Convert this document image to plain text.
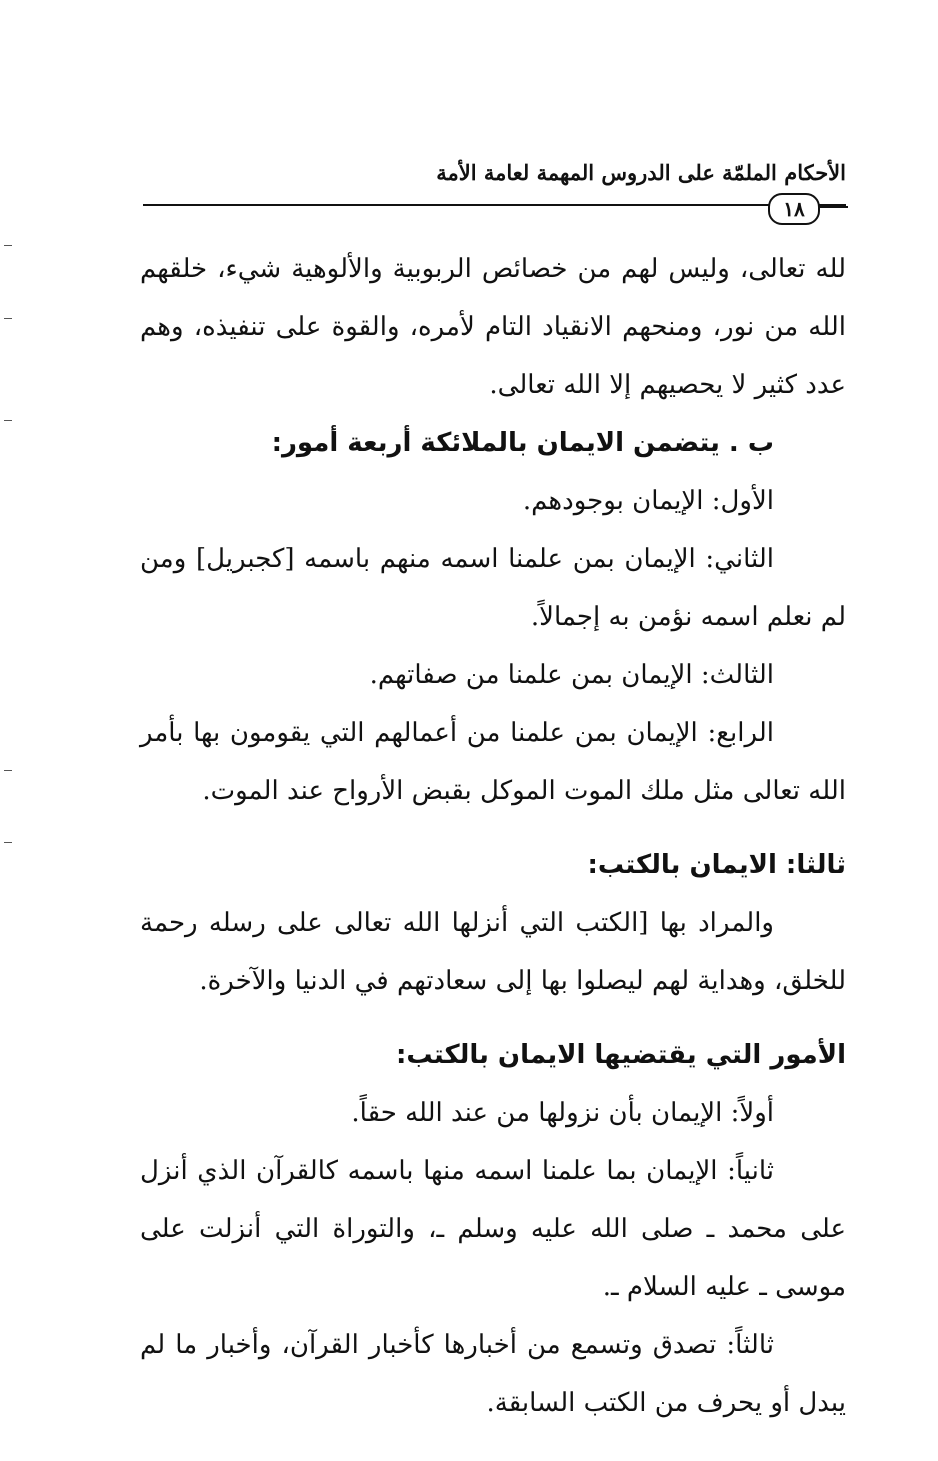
الأحكام الملمّة على الدروس المهمة لعامة الأمة
١٨

لله تعالى، وليس لهم من خصائص الربوبية والألوهية شيء، خلقهم الله من نور، ومنحهم الانقياد التام لأمره، والقوة على تنفيذه، وهم عدد كثير لا يحصيهم إلا الله تعالى.

ب . يتضمن الايمان بالملائكة أربعة أمور:

الأول: الإيمان بوجودهم.

الثاني: الإيمان بمن علمنا اسمه منهم باسمه [كجبريل] ومن لم نعلم اسمه نؤمن به إجمالاً.

الثالث: الإيمان بمن علمنا من صفاتهم.

الرابع: الإيمان بمن علمنا من أعمالهم التي يقومون بها بأمر الله تعالى مثل ملك الموت الموكل بقبض الأرواح عند الموت.

ثالثا: الايمان بالكتب:

والمراد بها [الكتب التي أنزلها الله تعالى على رسله رحمة للخلق، وهداية لهم ليصلوا بها إلى سعادتهم في الدنيا والآخرة.

الأمور التي يقتضيها الايمان بالكتب:

أولاً: الإيمان بأن نزولها من عند الله حقاً.

ثانياً: الإيمان بما علمنا اسمه منها باسمه كالقرآن الذي أنزل على محمد ـ صلى الله عليه وسلم ـ، والتوراة التي أنزلت على موسى ـ عليه السلام ـ.

ثالثاً: تصدق وتسمع من أخبارها كأخبار القرآن، وأخبار ما لم يبدل أو يحرف من الكتب السابقة.
